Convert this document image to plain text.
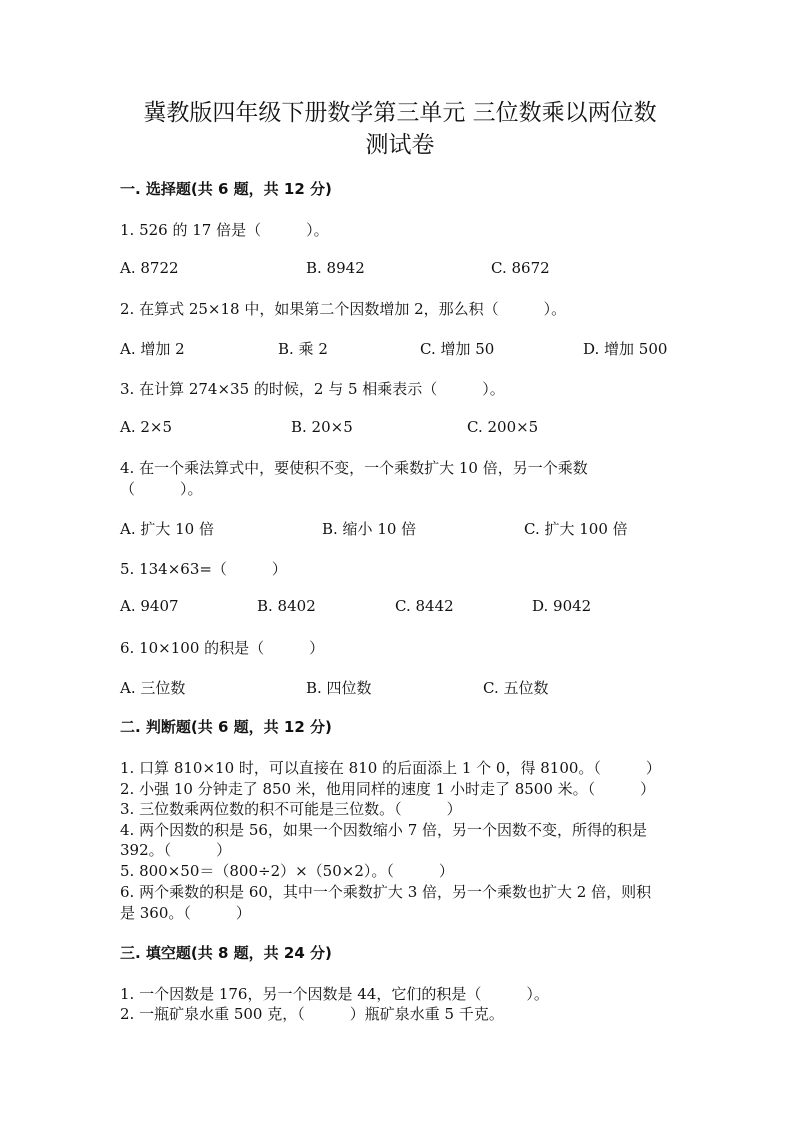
冀教版四年级下册数学第三单元 三位数乘以两位数
测试卷
一. 选择题(共 6 题，共 12 分)
1. 526 的 17 倍是（　　　）。
A. 8722	B. 8942	C. 8672
2. 在算式 25×18 中，如果第二个因数增加 2，那么积（　　　）。
A. 增加 2	B. 乘 2	C. 增加 50	D. 增加 500
3. 在计算 274×35 的时候，2 与 5 相乘表示（　　　）。
A. 2×5	B. 20×5	C. 200×5
4. 在一个乘法算式中，要使积不变，一个乘数扩大 10 倍，另一个乘数
（　　　）。
A. 扩大 10 倍	B. 缩小 10 倍	C. 扩大 100 倍
5. 134×63=（　　　）
A. 9407	B. 8402	C. 8442	D. 9042
6. 10×100 的积是（　　　）
A. 三位数	B. 四位数	C. 五位数
二. 判断题(共 6 题，共 12 分)
1. 口算 810×10 时，可以直接在 810 的后面添上 1 个 0，得 8100。（　　　）
2. 小强 10 分钟走了 850 米，他用同样的速度 1 小时走了 8500 米。（　　　）
3. 三位数乘两位数的积不可能是三位数。（　　　）
4. 两个因数的积是 56，如果一个因数缩小 7 倍，另一个因数不变，所得的积是
392。（　　　）
5. 800×50＝（800÷2）×（50×2）。（　　　）
6. 两个乘数的积是 60，其中一个乘数扩大 3 倍，另一个乘数也扩大 2 倍，则积
是 360。（　　　）
三. 填空题(共 8 题，共 24 分)
1. 一个因数是 176，另一个因数是 44，它们的积是（　　　）。
2. 一瓶矿泉水重 500 克，（　　　）瓶矿泉水重 5 千克。
